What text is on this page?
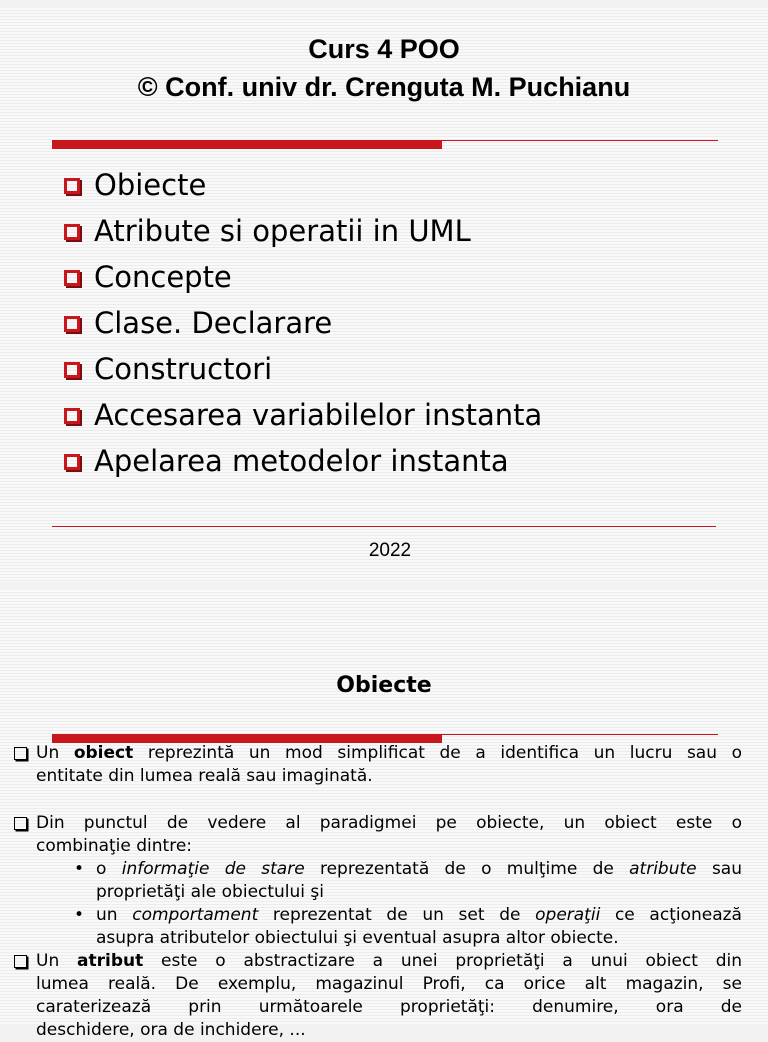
Curs 4 POO
© Conf. univ dr. Crenguta M. Puchianu
Obiecte
Atribute si operatii in UML
Concepte
Clase. Declarare
Constructori
Accesarea variabilelor instanta
Apelarea metodelor instanta
2022
Obiecte
Un obiect reprezintă un mod simplificat de a identifica un lucru sau o
entitate din lumea reală sau imaginată.
Din punctul de vedere al paradigmei pe obiecte, un obiect este o
combinaţie dintre:
• o informaţie de stare reprezentată de o mulţime de atribute sau
proprietăţi ale obiectului şi
• un comportament reprezentat de un set de operaţii ce acţionează
asupra atributelor obiectului şi eventual asupra altor obiecte.
Un atribut este o abstractizare a unei proprietăţi a unui obiect din
lumea reală. De exemplu, magazinul Profi, ca orice alt magazin, se
caraterizează prin următoarele proprietăţi: denumire, ora de
deschidere, ora de inchidere, ...
